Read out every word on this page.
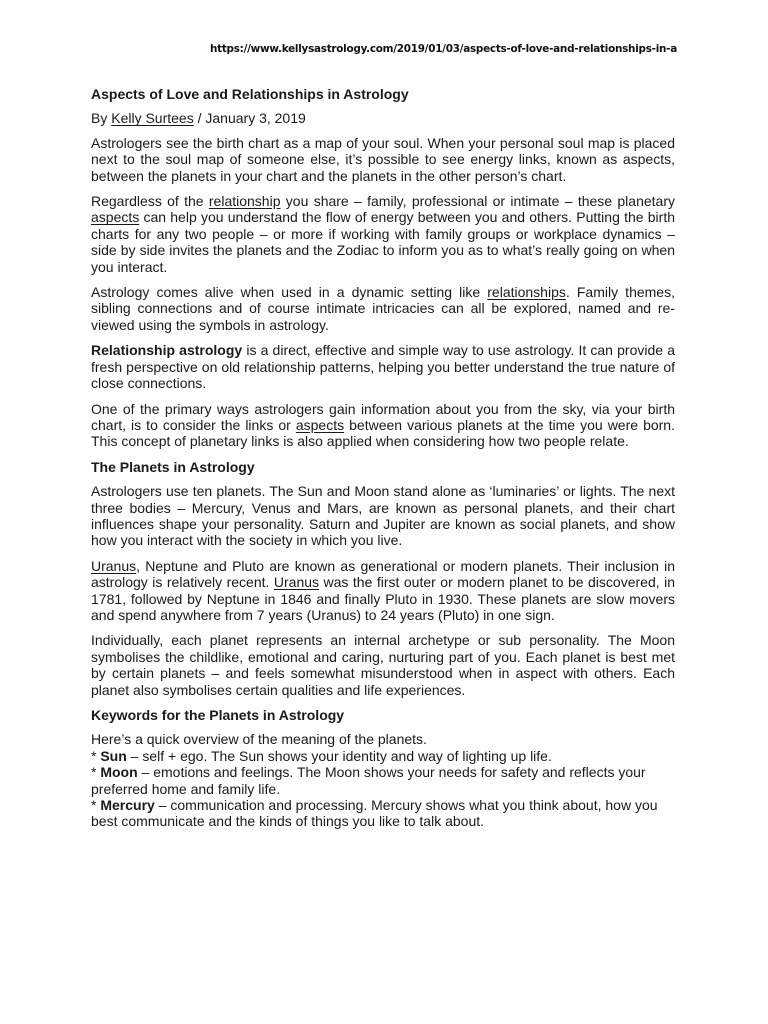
https://www.kellysastrology.com/2019/01/03/aspects-of-love-and-relationships-in-a
Aspects of Love and Relationships in Astrology
By Kelly Surtees / January 3, 2019
Astrologers see the birth chart as a map of your soul. When your personal soul map is placed next to the soul map of someone else, it’s possible to see energy links, known as aspects, between the planets in your chart and the planets in the other person’s chart.
Regardless of the relationship you share – family, professional or intimate – these planetary aspects can help you understand the flow of energy between you and others. Putting the birth charts for any two people – or more if working with family groups or workplace dynamics – side by side invites the planets and the Zodiac to inform you as to what’s really going on when you interact.
Astrology comes alive when used in a dynamic setting like relationships. Family themes, sibling connections and of course intimate intricacies can all be explored, named and re-viewed using the symbols in astrology.
Relationship astrology is a direct, effective and simple way to use astrology. It can provide a fresh perspective on old relationship patterns, helping you better understand the true nature of close connections.
One of the primary ways astrologers gain information about you from the sky, via your birth chart, is to consider the links or aspects between various planets at the time you were born. This concept of planetary links is also applied when considering how two people relate.
The Planets in Astrology
Astrologers use ten planets. The Sun and Moon stand alone as ‘luminaries’ or lights. The next three bodies – Mercury, Venus and Mars, are known as personal planets, and their chart influences shape your personality. Saturn and Jupiter are known as social planets, and show how you interact with the society in which you live.
Uranus, Neptune and Pluto are known as generational or modern planets. Their inclusion in astrology is relatively recent. Uranus was the first outer or modern planet to be discovered, in 1781, followed by Neptune in 1846 and finally Pluto in 1930. These planets are slow movers and spend anywhere from 7 years (Uranus) to 24 years (Pluto) in one sign.
Individually, each planet represents an internal archetype or sub personality. The Moon symbolises the childlike, emotional and caring, nurturing part of you. Each planet is best met by certain planets – and feels somewhat misunderstood when in aspect with others. Each planet also symbolises certain qualities and life experiences.
Keywords for the Planets in Astrology
Here’s a quick overview of the meaning of the planets.
* Sun – self + ego. The Sun shows your identity and way of lighting up life.
* Moon – emotions and feelings. The Moon shows your needs for safety and reflects your preferred home and family life.
* Mercury – communication and processing. Mercury shows what you think about, how you best communicate and the kinds of things you like to talk about.
